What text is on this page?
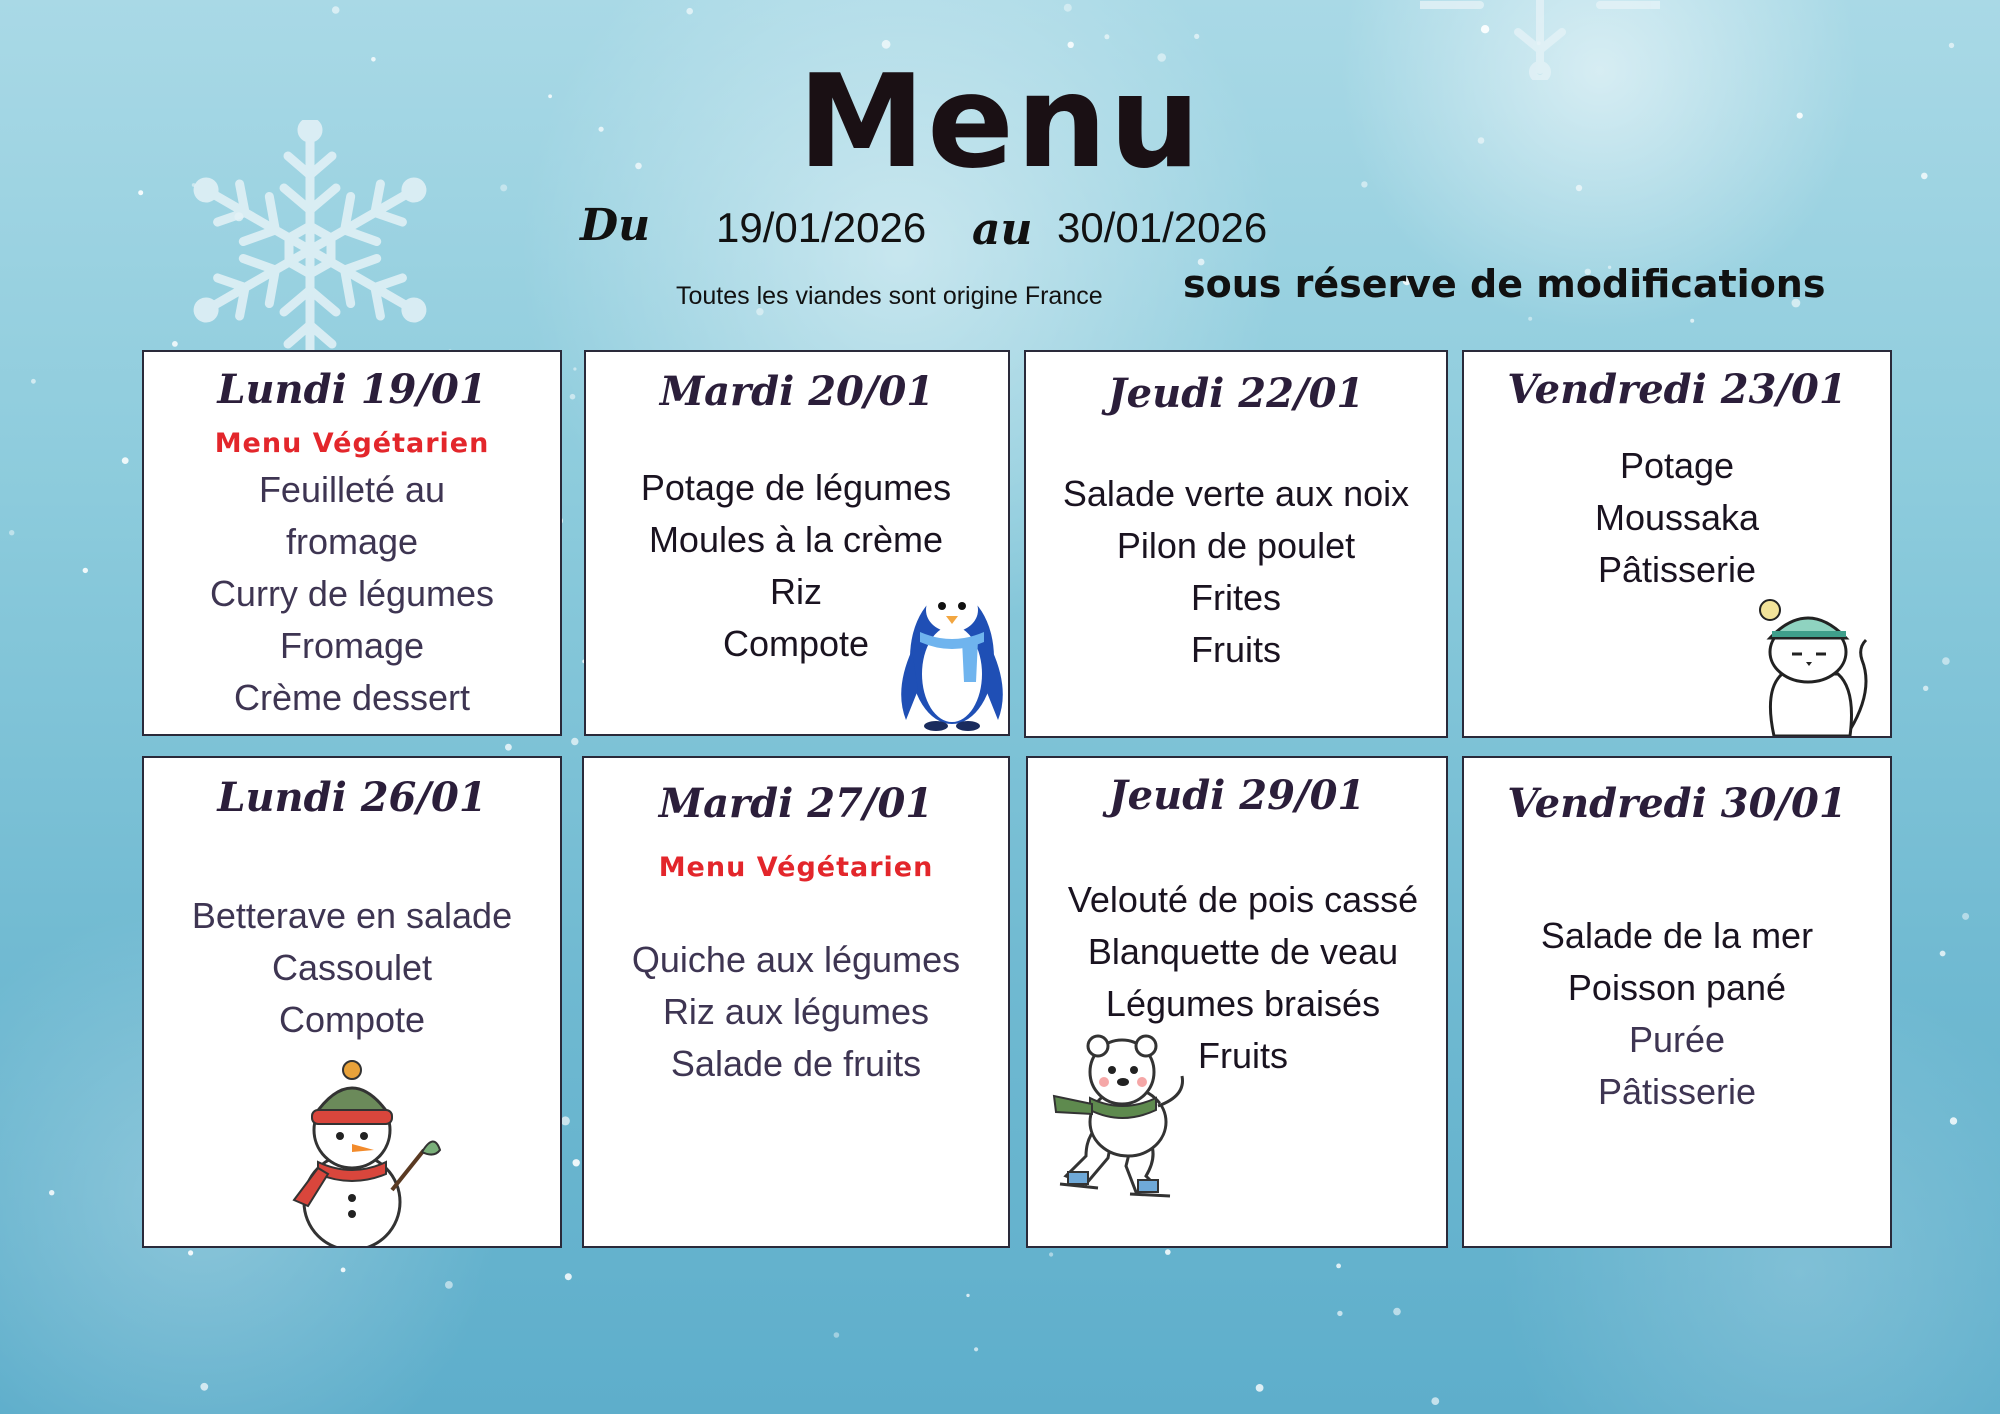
Menu
Du 19/01/2026 au 30/01/2026
Toutes les viandes sont origine France sous réserve de modifications
Lundi 19/01
Menu Végétarien
Feuilleté au
fromage
Curry de légumes
Fromage
Crème dessert
Mardi 20/01
Potage de légumes
Moules à la crème
Riz
Compote
Jeudi 22/01
Salade verte aux noix
Pilon de poulet
Frites
Fruits
Vendredi 23/01
Potage
Moussaka
Pâtisserie
Lundi 26/01
Betterave en salade
Cassoulet
Compote
Mardi 27/01
Menu Végétarien
Quiche aux légumes
Riz aux légumes
Salade de fruits
Jeudi 29/01
Velouté de pois cassé
Blanquette de veau
Légumes braisés
Fruits
Vendredi 30/01
Salade de la mer
Poisson pané
Purée
Pâtisserie
